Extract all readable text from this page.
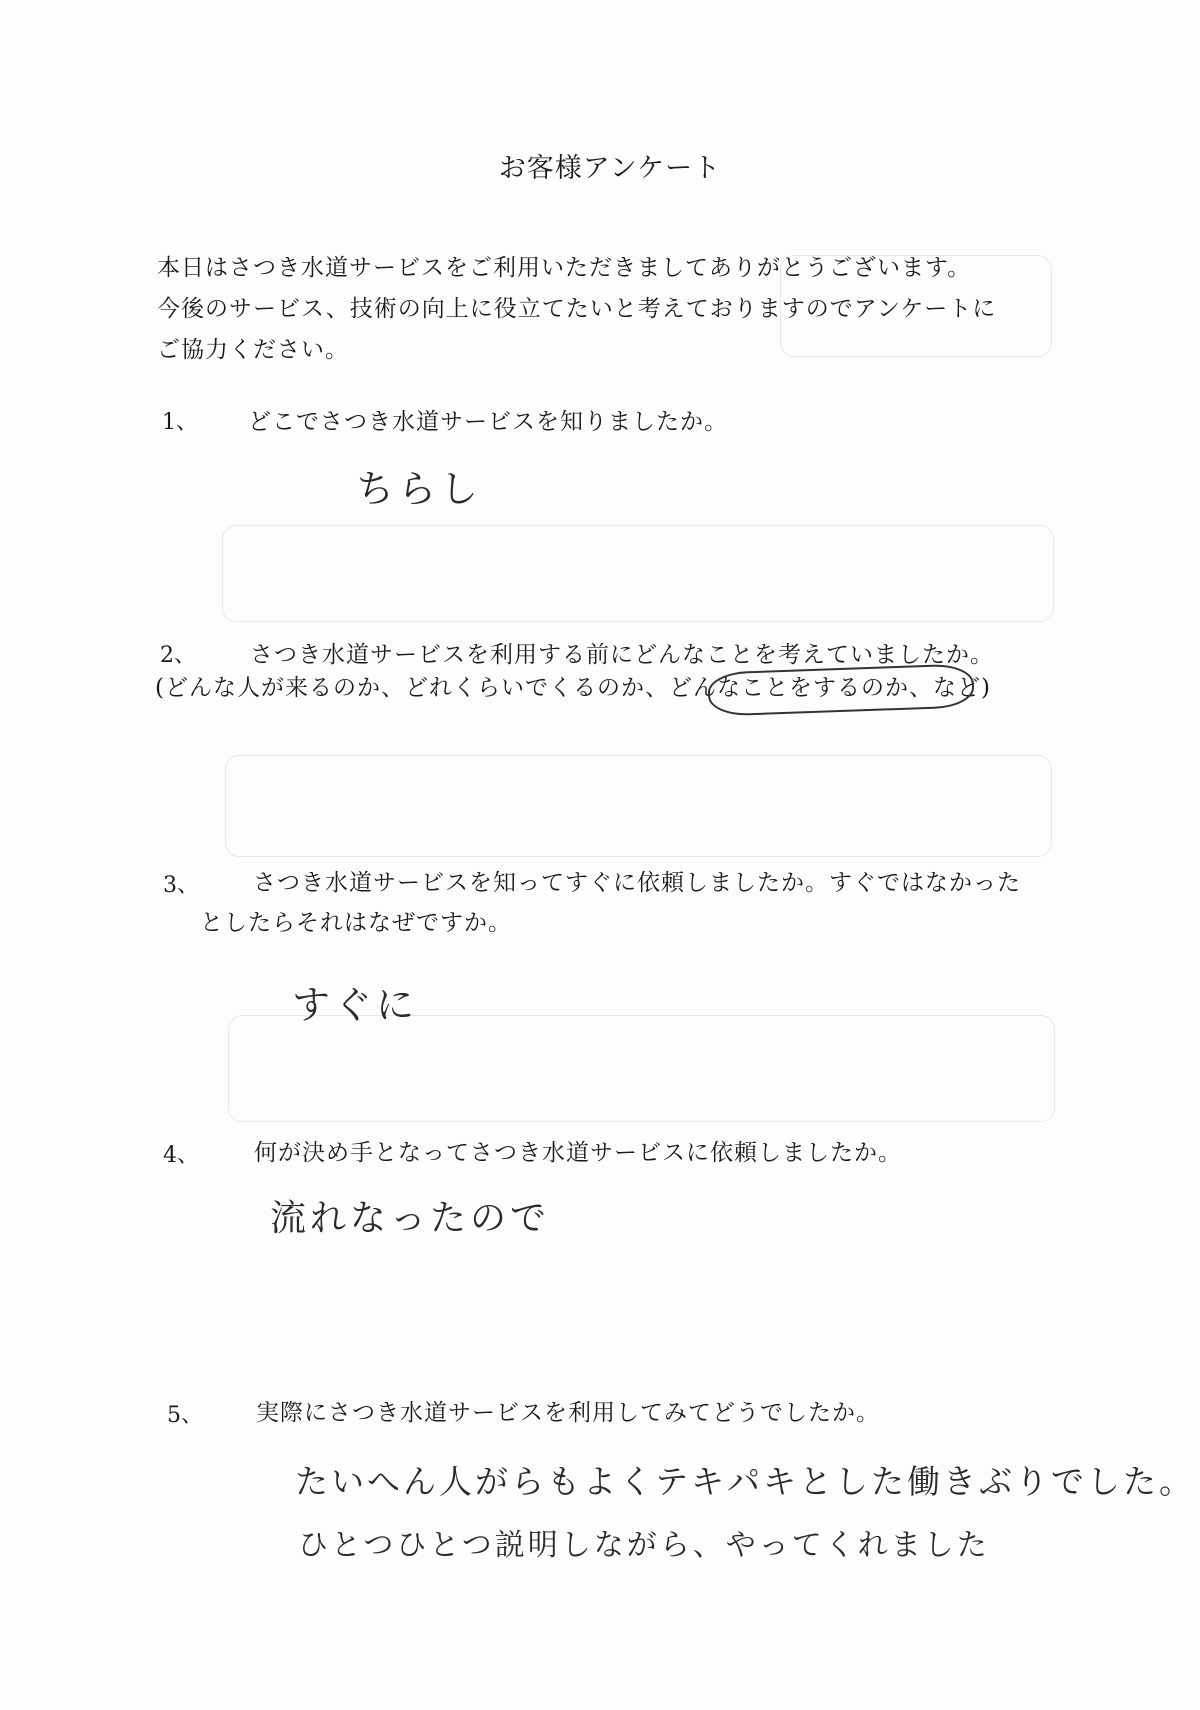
お客様アンケート
本日はさつき水道サービスをご利用いただきましてありがとうございます。
今後のサービス、技術の向上に役立てたいと考えておりますのでアンケートに
ご協力ください。
1、 どこでさつき水道サービスを知りましたか。
ちらし
2、 さつき水道サービスを利用する前にどんなことを考えていましたか。
(どんな人が来るのか、どれくらいでくるのか、どんなことをするのか、など)
3、 さつき水道サービスを知ってすぐに依頼しましたか。すぐではなかった
としたらそれはなぜですか。
すぐに
4、 何が決め手となってさつき水道サービスに依頼しましたか。
流れなったので
5、 実際にさつき水道サービスを利用してみてどうでしたか。
たいへん人がらもよくテキパキとした働きぶりでした。
ひとつひとつ説明しながら、やってくれました
